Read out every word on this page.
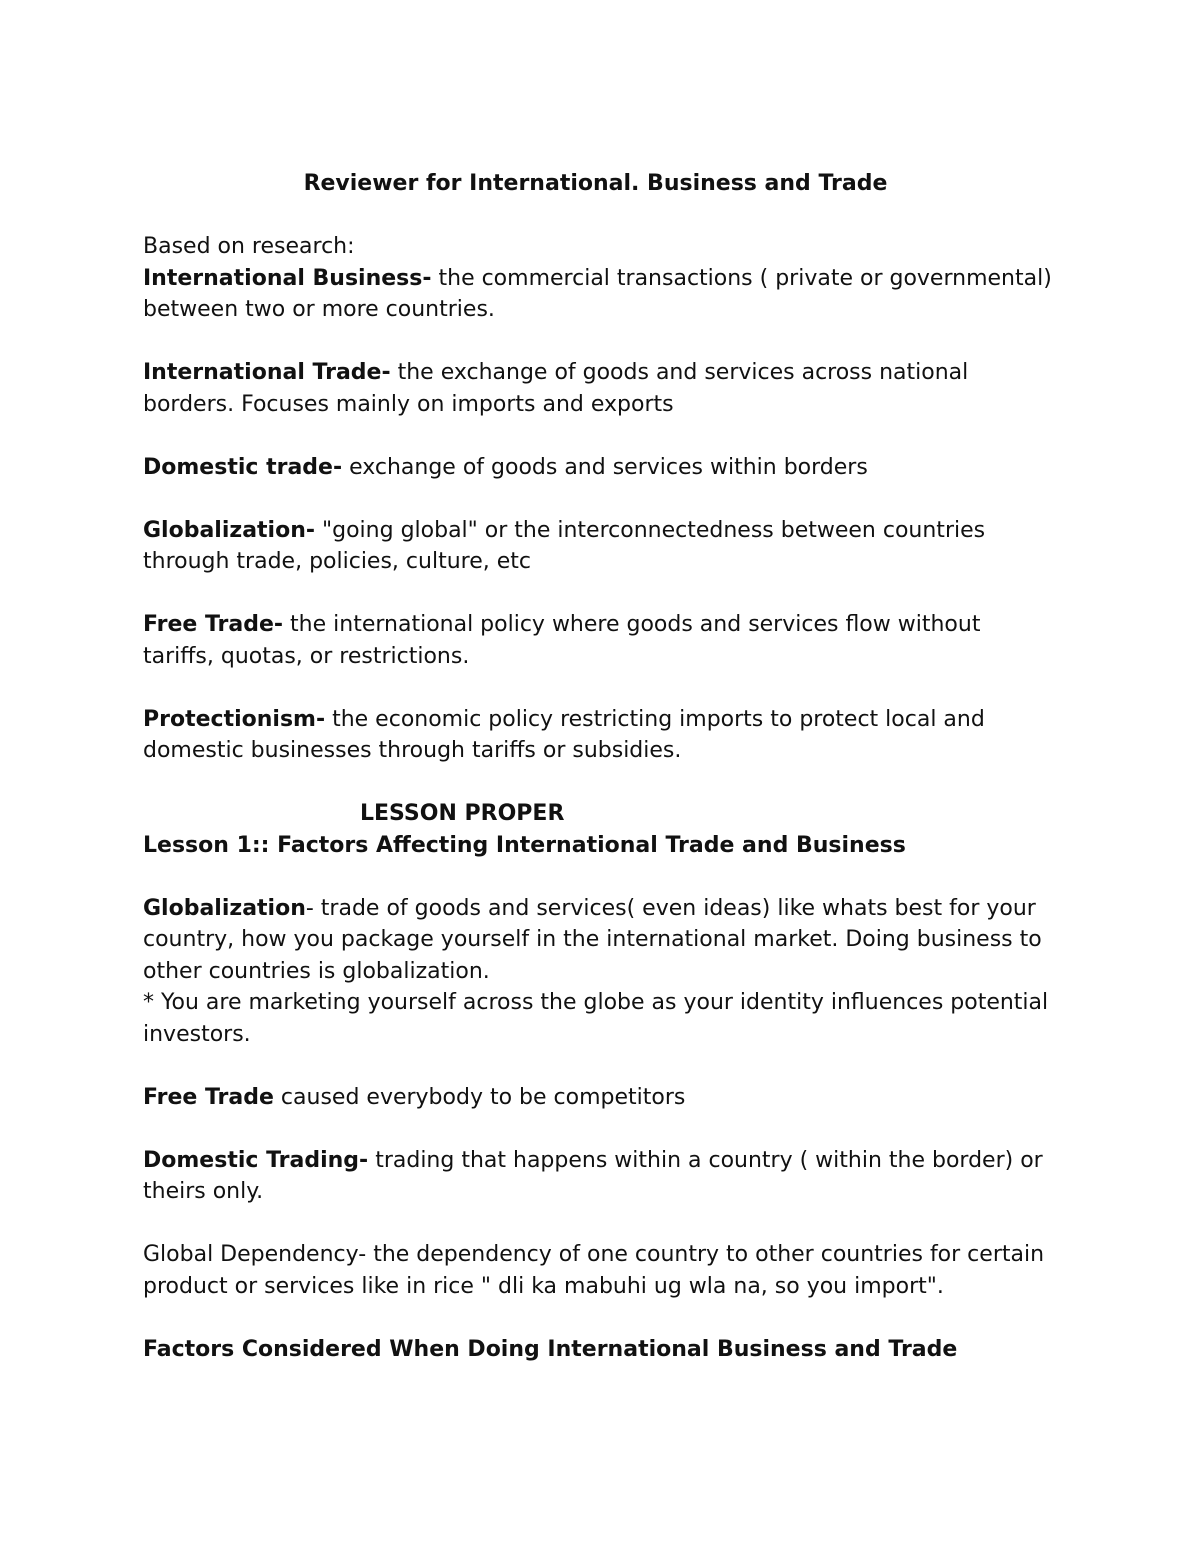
Reviewer for International. Business and Trade

Based on research:

International Business- the commercial transactions ( private or governmental) between two or more countries.

International Trade- the exchange of goods and services across national borders. Focuses mainly on imports and exports

Domestic trade- exchange of goods and services within borders

Globalization- "going global" or the interconnectedness between countries through trade, policies, culture, etc

Free Trade- the international policy where goods and services flow without tariffs, quotas, or restrictions.

Protectionism- the economic policy restricting imports to protect local and domestic businesses through tariffs or subsidies.

LESSON PROPER

Lesson 1:: Factors Affecting International Trade and Business

Globalization- trade of goods and services( even ideas) like whats best for your country, how you package yourself in the international market. Doing business to other countries is globalization.

* You are marketing yourself across the globe as your identity influences potential investors.

Free Trade caused everybody to be competitors

Domestic Trading- trading that happens within a country ( within the border) or theirs only.

Global Dependency- the dependency of one country to other countries for certain product or services like in rice " dli ka mabuhi ug wla na, so you import".

Factors Considered When Doing International Business and Trade
